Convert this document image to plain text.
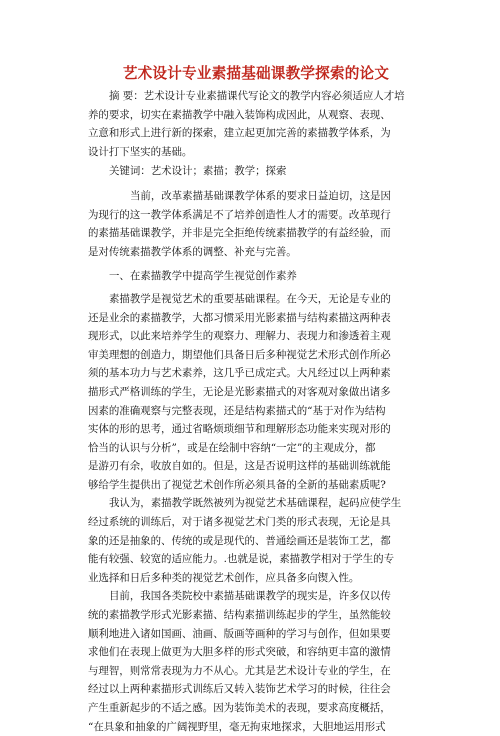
艺术设计专业素描基础课教学探索的论文
摘 要：艺术设计专业素描课代写论文的教学内容必须适应人才培
养的要求，切实在素描教学中融入装饰构成因此，从观察、表现、
立意和形式上进行新的探索，建立起更加完善的素描教学体系，为
设计打下坚实的基础。
关键词：艺术设计；素描；教学；探索
当前，改革素描基础课教学体系的要求日益迫切，这是因
为现行的这一教学体系满足不了培养创造性人才的需要。改革现行
的素描基础课教学，并非是完全拒绝传统素描教学的有益经验，而
是对传统素描教学体系的调整、补充与完善。
一、在素描教学中提高学生视觉创作素养
素描教学是视觉艺术的重要基础课程。在今天，无论是专业的
还是业余的素描教学，大都习惯采用光影素描与结构素描这两种表
现形式，以此来培养学生的观察力、理解力、表现力和渗透着主观
审美理想的创造力，期望他们具备日后多种视觉艺术形式创作所必
须的基本功力与艺术素养，这几乎已成定式。大凡经过以上两种素
描形式严格训练的学生，无论是光影素描式的对客观对象做出诸多
因素的准确观察与完整表现，还是结构素描式的“基于对作为结构
实体的形的思考，通过省略烦琐细节和理解形态功能来实现对形的
恰当的认识与分析”，或是在绘制中容纳“一定”的主观成分，都
是游刃有余，收放自如的。但是，这是否说明这样的基础训练就能
够给学生提供出了视觉艺术创作所必须具备的全新的基础素质呢?
我认为，素描教学既然被列为视觉艺术基础课程，起码应使学生
经过系统的训练后，对于诸多视觉艺术门类的形式表现，无论是具
象的还是抽象的、传统的或是现代的、普通绘画还是装饰工艺，都
能有较强、较宽的适应能力。.也就是说，素描教学相对于学生的专
业选择和日后多种类的视觉艺术创作，应具备多向锲入性。
目前，我国各类院校中素描基础课教学的现实是，许多仅以传
统的素描教学形式光影素描、结构素描训练起步的学生，虽然能较
顺利地进入诸如国画、油画、版画等画种的学习与创作，但如果要
求他们在表现上做更为大胆多样的形式突破，和容纳更丰富的激情
与理智，则常常表现为力不从心。尤其是艺术设计专业的学生，在
经过以上两种素描形式训练后又转入装饰艺术学习的时候，往往会
产生重新起步的不适之感。因为装饰美术的表现，要求高度概括，
“在具象和抽象的广阔视野里，毫无拘束地探求，大胆地运用形式
